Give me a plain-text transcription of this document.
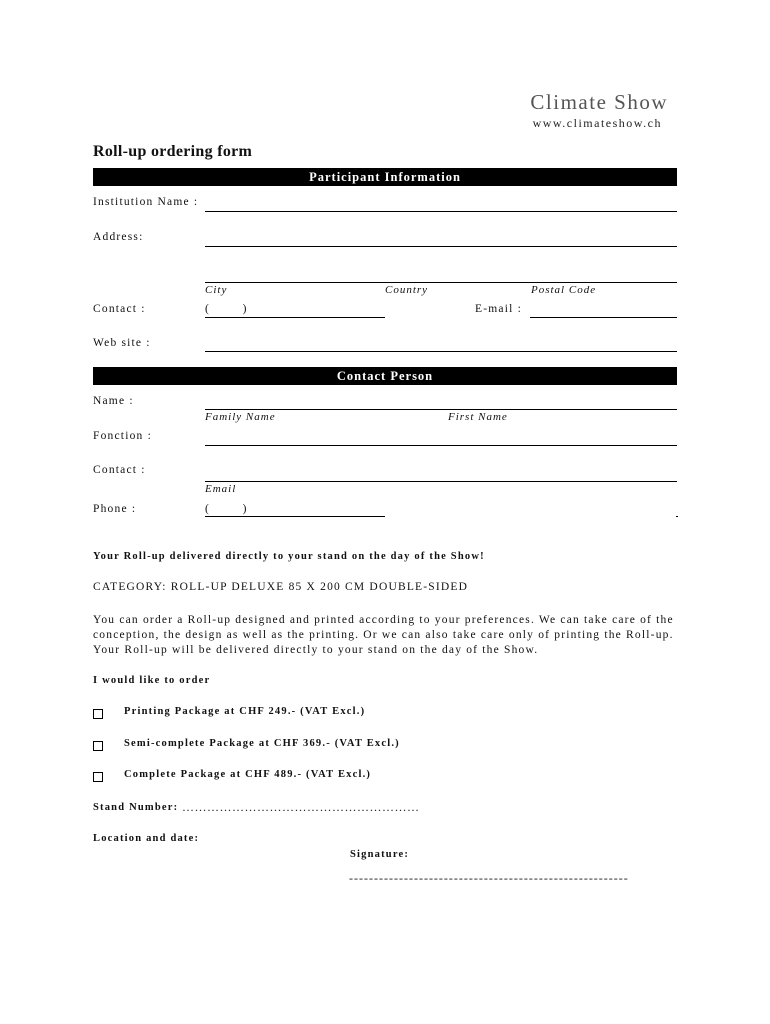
Climate Show
www.climateshow.ch
Roll-up ordering form
Participant Information
Institution Name :
Address:
City	Country	Postal Code
Contact :	(        )	E-mail :
Web site :
Contact Person
Name :
Family Name	First Name
Fonction :
Contact :
Email
Phone :	(        )
Your Roll-up delivered directly to your stand on the day of the Show!
CATEGORY: ROLL-UP DELUXE 85 X 200 CM DOUBLE-SIDED
You can order a Roll-up designed and printed according to your preferences. We can take care of the conception, the design as well as the printing. Or we can also take care only of printing the Roll-up. Your Roll-up will be delivered directly to your stand on the day of the Show.
I would like to order
Printing Package at CHF 249.- (VAT Excl.)
Semi-complete Package at CHF 369.- (VAT Excl.)
Complete Package at CHF 489.- (VAT Excl.)
Stand Number: …………………………………………………
Location and date:
Signature:
--------------------------------------------------------
